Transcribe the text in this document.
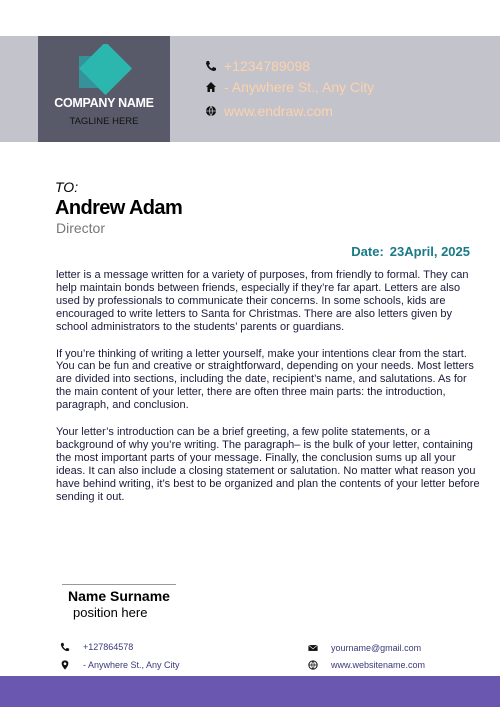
COMPANY NAME
TAGLINE HERE
+1234789098
- Anywhere St., Any City
www.endraw.com
TO:
Andrew Adam
Director
Date: 23April, 2025

letter is a message written for a variety of purposes, from friendly to formal. They can help maintain bonds between friends, especially if they’re far apart. Letters are also used by professionals to communicate their concerns. In some schools, kids are encouraged to write letters to Santa for Christmas. There are also letters given by school administrators to the students’ parents or guardians.

If you’re thinking of writing a letter yourself, make your intentions clear from the start. You can be fun and creative or straightforward, depending on your needs. Most letters are divided into sections, including the date, recipient’s name, and salutations. As for the main content of your letter, there are often three main parts: the introduction, paragraph, and conclusion.

Your letter’s introduction can be a brief greeting, a few polite statements, or a background of why you’re writing. The paragraph– is the bulk of your letter, containing the most important parts of your message. Finally, the conclusion sums up all your ideas. It can also include a closing statement or salutation. No matter what reason you have behind writing, it’s best to be organized and plan the contents of your letter before sending it out.

Name Surname
position here
+127864578
- Anywhere St., Any City
yourname@gmail.com
www.websitename.com
